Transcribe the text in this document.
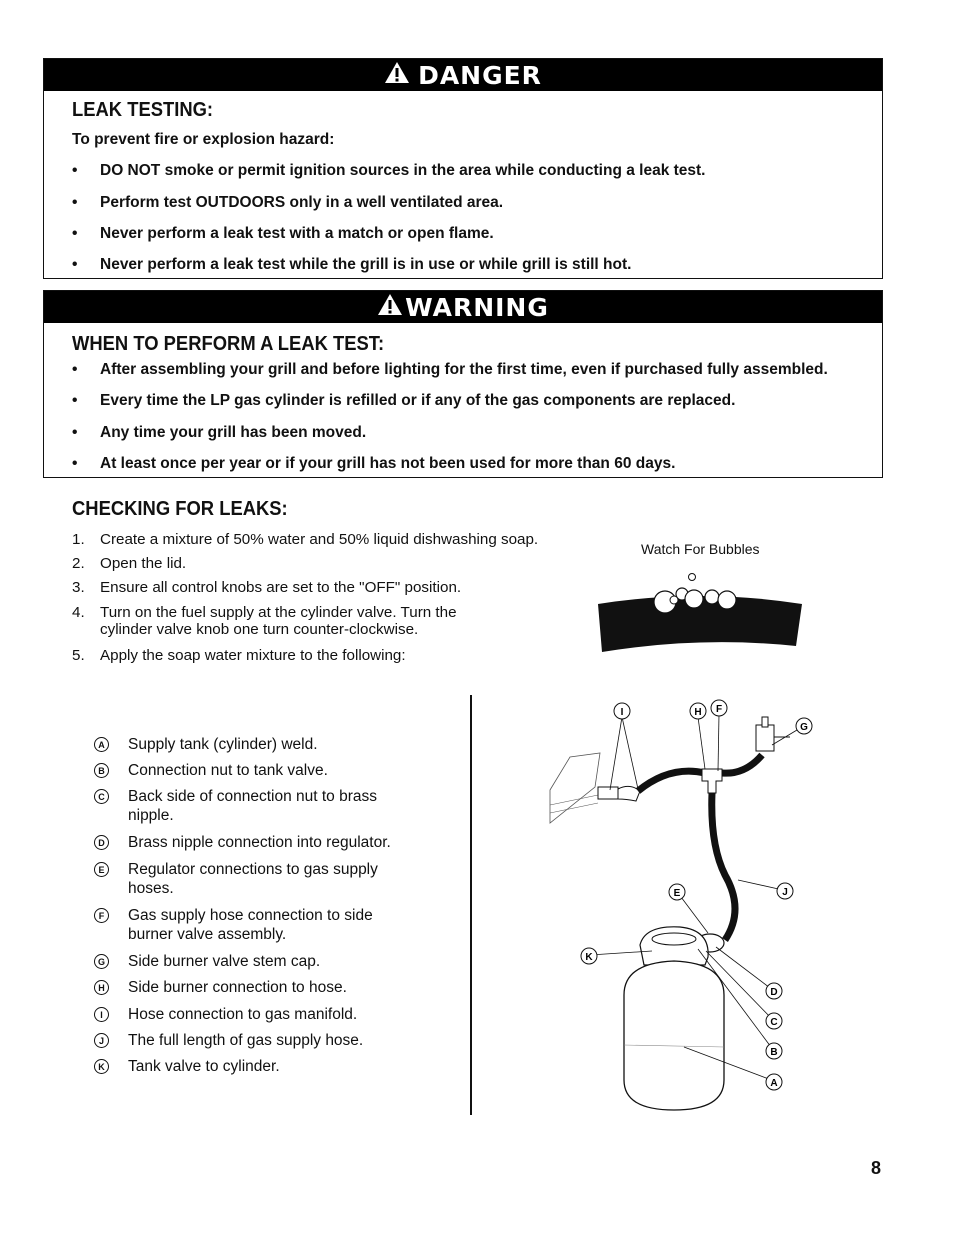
DANGER
LEAK TESTING:
To prevent fire or explosion hazard:
• DO NOT smoke or permit ignition sources in the area while conducting a leak test.
• Perform test OUTDOORS only in a well ventilated area.
• Never perform a leak test with a match or open flame.
• Never perform a leak test while the grill is in use or while grill is still hot.
WARNING
WHEN TO PERFORM A LEAK TEST:
• After assembling your grill and before lighting for the first time, even if purchased fully assembled.
• Every time the LP gas cylinder is refilled or if any of the gas components are replaced.
• Any time your grill has been moved.
• At least once per year or if your grill has not been used for more than 60 days.
CHECKING FOR LEAKS:
1. Create a mixture of 50% water and 50% liquid dishwashing soap.
2. Open the lid.
3. Ensure all control knobs are set to the "OFF" position.
4. Turn on the fuel supply at the cylinder valve. Turn the cylinder valve knob one turn counter-clockwise.
5. Apply the soap water mixture to the following:
Watch For Bubbles
A Supply tank (cylinder) weld.
B Connection nut to tank valve.
C Back side of connection nut to brass nipple.
D Brass nipple connection into regulator.
E Regulator connections to gas supply hoses.
F	Gas supply hose connection to side burner valve assembly.
G Side burner valve stem cap.
H Side burner connection to hose.
I	Hose connection to gas manifold.
J	The full length of gas supply hose.
K Tank valve to cylinder.
I	H F
G
J
E
K
D
C
B
A
8
